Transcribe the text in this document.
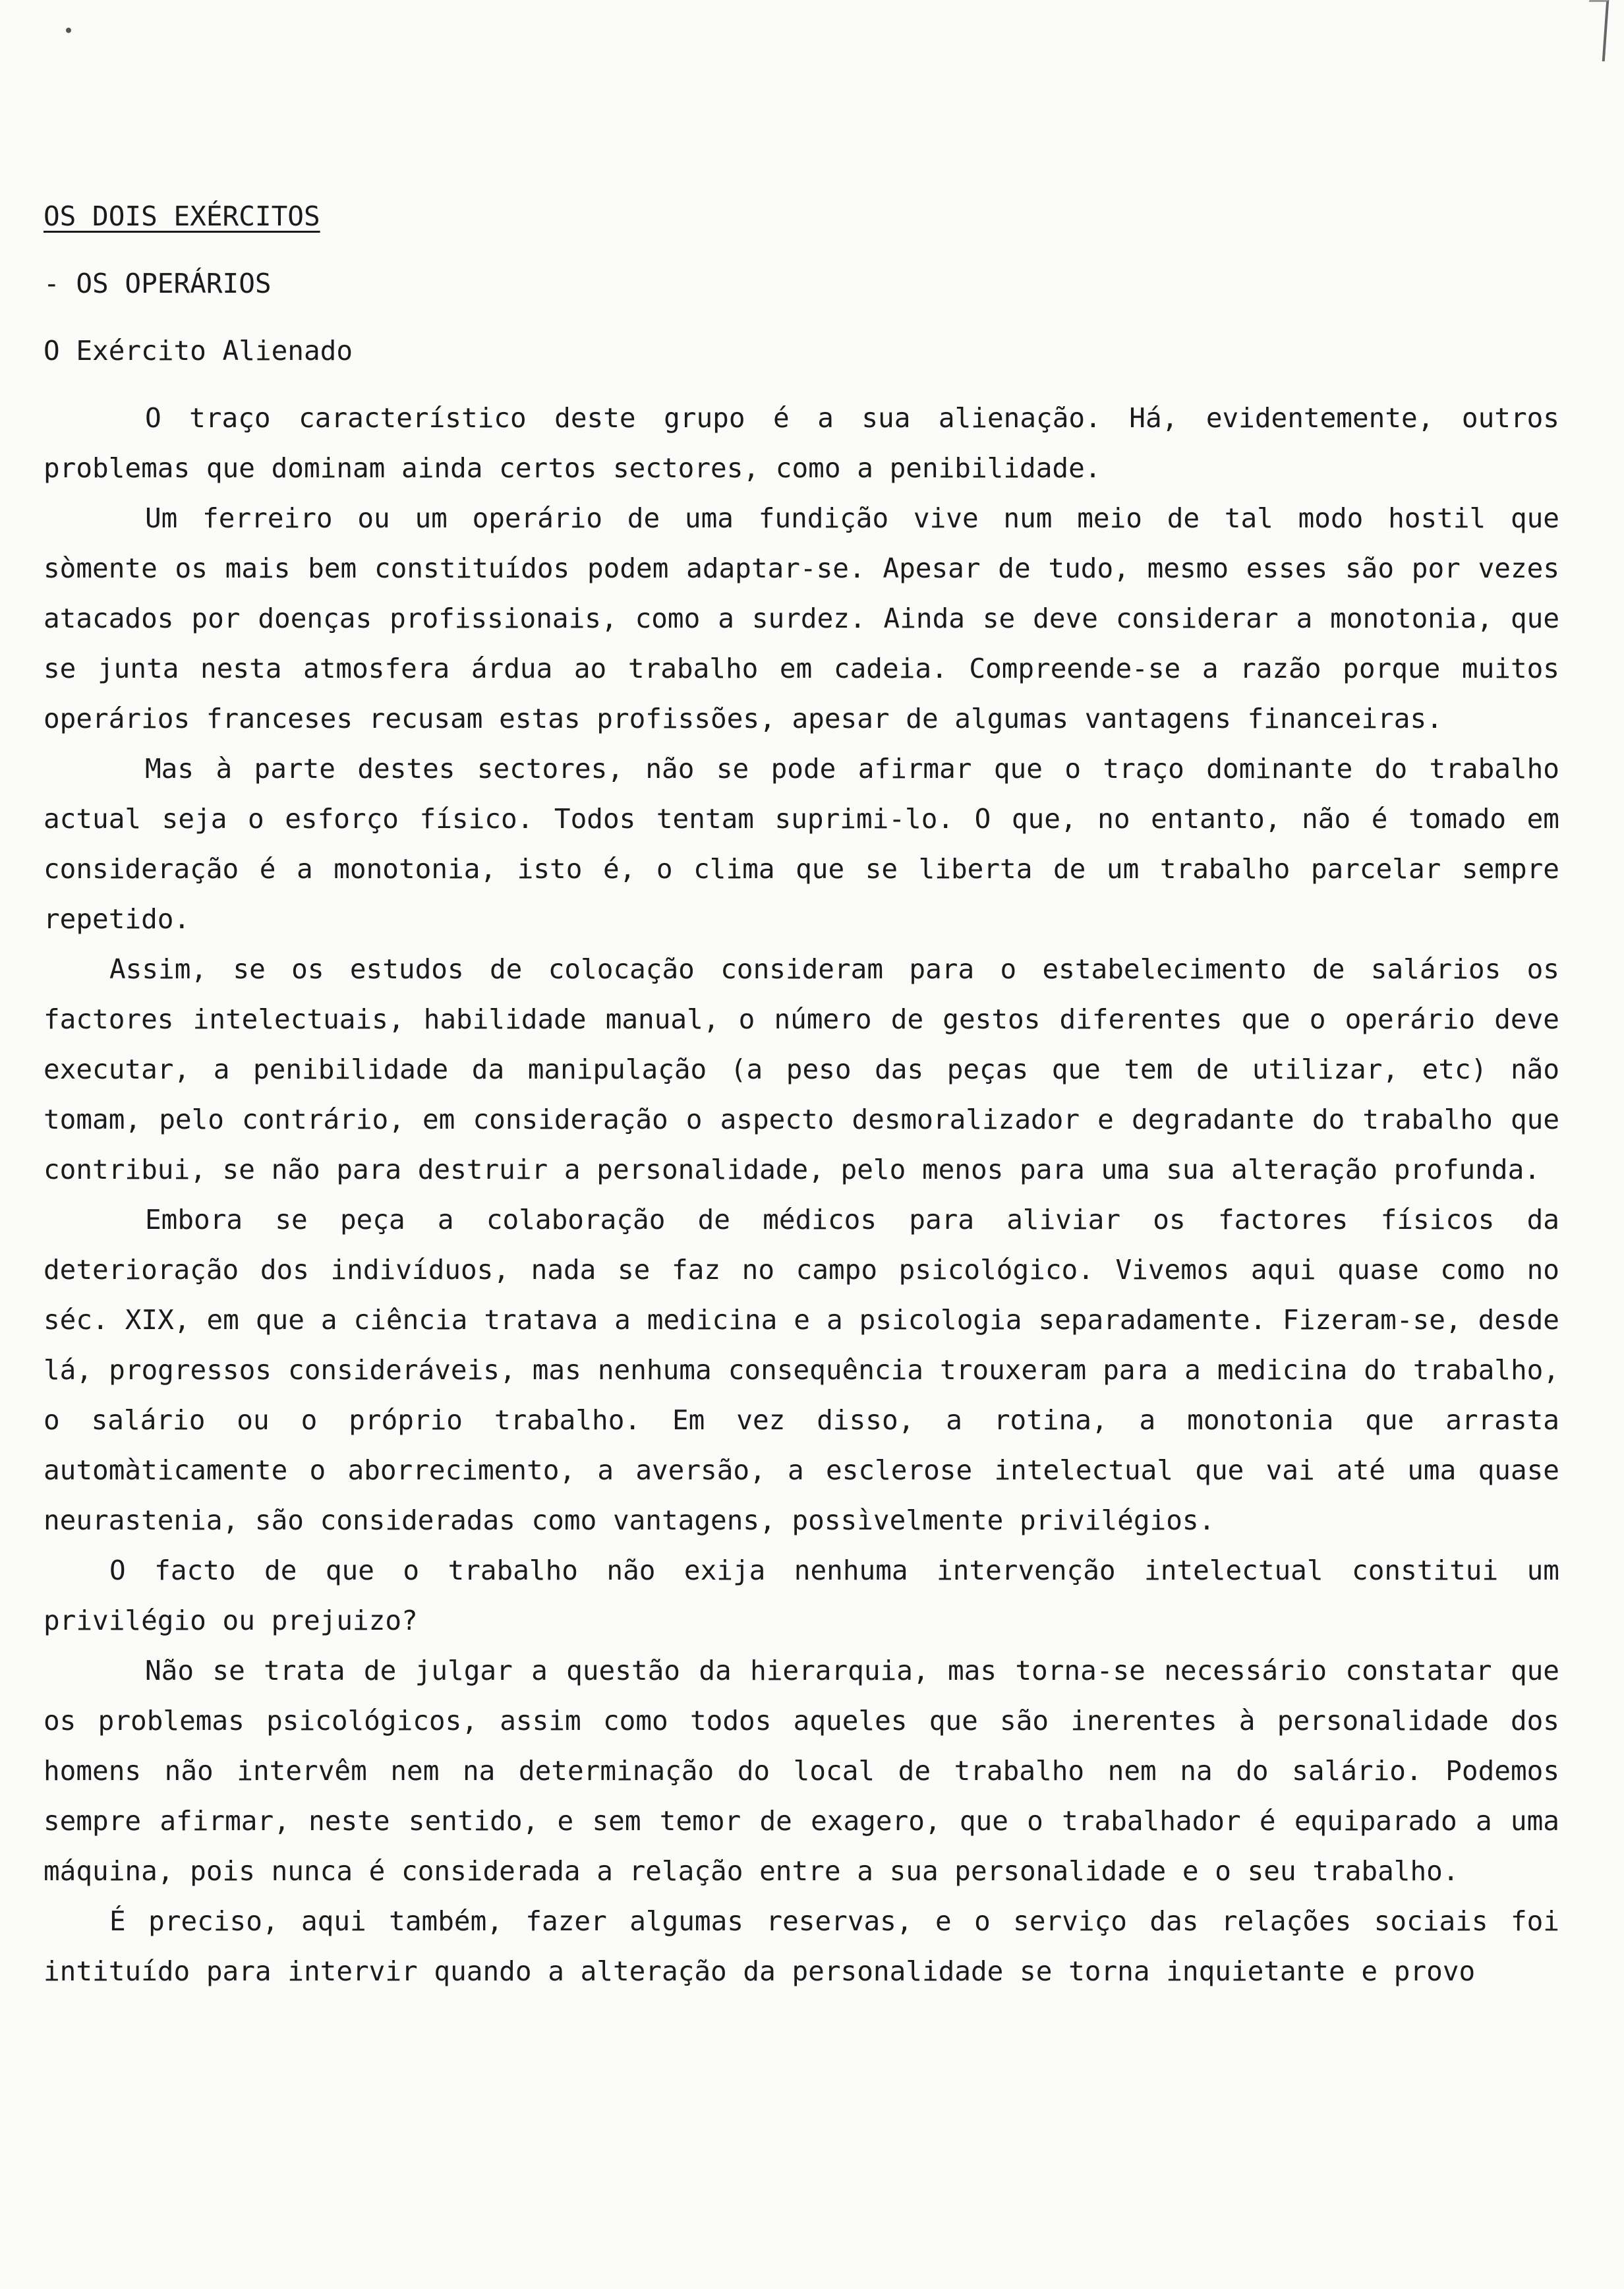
OS DOIS EXÉRCITOS
- OS OPERÁRIOS
O Exército Alienado

O traço característico deste grupo é a sua alienação. Há, evidentemente, outros problemas que dominam ainda certos sectores, como a penibilidade.

Um ferreiro ou um operário de uma fundição vive num meio de tal modo hostil que sòmente os mais bem constituídos podem adaptar-se. Apesar de tudo, mesmo esses são por vezes atacados por doenças profissionais, como a surdez. Ainda se deve considerar a monotonia, que se junta nesta atmosfera árdua ao trabalho em cadeia. Compreende-se a razão porque muitos operários franceses recusam estas profissões, apesar de algumas vantagens financeiras.

Mas à parte destes sectores, não se pode afirmar que o traço dominante do trabalho actual seja o esforço físico. Todos tentam suprimi-lo. O que, no entanto, não é tomado em consideração é a monotonia, isto é, o clima que se liberta de um trabalho parcelar sempre repetido.

Assim, se os estudos de colocação consideram para o estabelecimento de salários os factores intelectuais, habilidade manual, o número de gestos diferentes que o operário deve executar, a penibilidade da manipulação (a peso das peças que tem de utilizar, etc) não tomam, pelo contrário, em consideração o aspecto desmoralizador e degradante do trabalho que contribui, se não para destruir a personalidade, pelo menos para uma sua alteração profunda.

Embora se peça a colaboração de médicos para aliviar os factores físicos da deterioração dos indivíduos, nada se faz no campo psicológico. Vivemos aqui quase como no séc. XIX, em que a ciência tratava a medicina e a psicologia separadamente. Fizeram-se, desde lá, progressos consideráveis, mas nenhuma consequência trouxeram para a medicina do trabalho, o salário ou o próprio trabalho. Em vez disso, a rotina, a monotonia que arrasta automàticamente o aborrecimento, a aversão, a esclerose intelectual que vai até uma quase neurastenia, são consideradas como vantagens, possìvelmente privilégios.

O facto de que o trabalho não exija nenhuma intervenção intelectual constitui um privilégio ou prejuizo?

Não se trata de julgar a questão da hierarquia, mas torna-se necessário constatar que os problemas psicológicos, assim como todos aqueles que são inerentes à personalidade dos homens não intervêm nem na determinação do local de trabalho nem na do salário. Podemos sempre afirmar, neste sentido, e sem temor de exagero, que o trabalhador é equiparado a uma máquina, pois nunca é considerada a relação entre a sua personalidade e o seu trabalho.

É preciso, aqui também, fazer algumas reservas, e o serviço das relações sociais foi intituído para intervir quando a alteração da personalidade se torna inquietante e provo
